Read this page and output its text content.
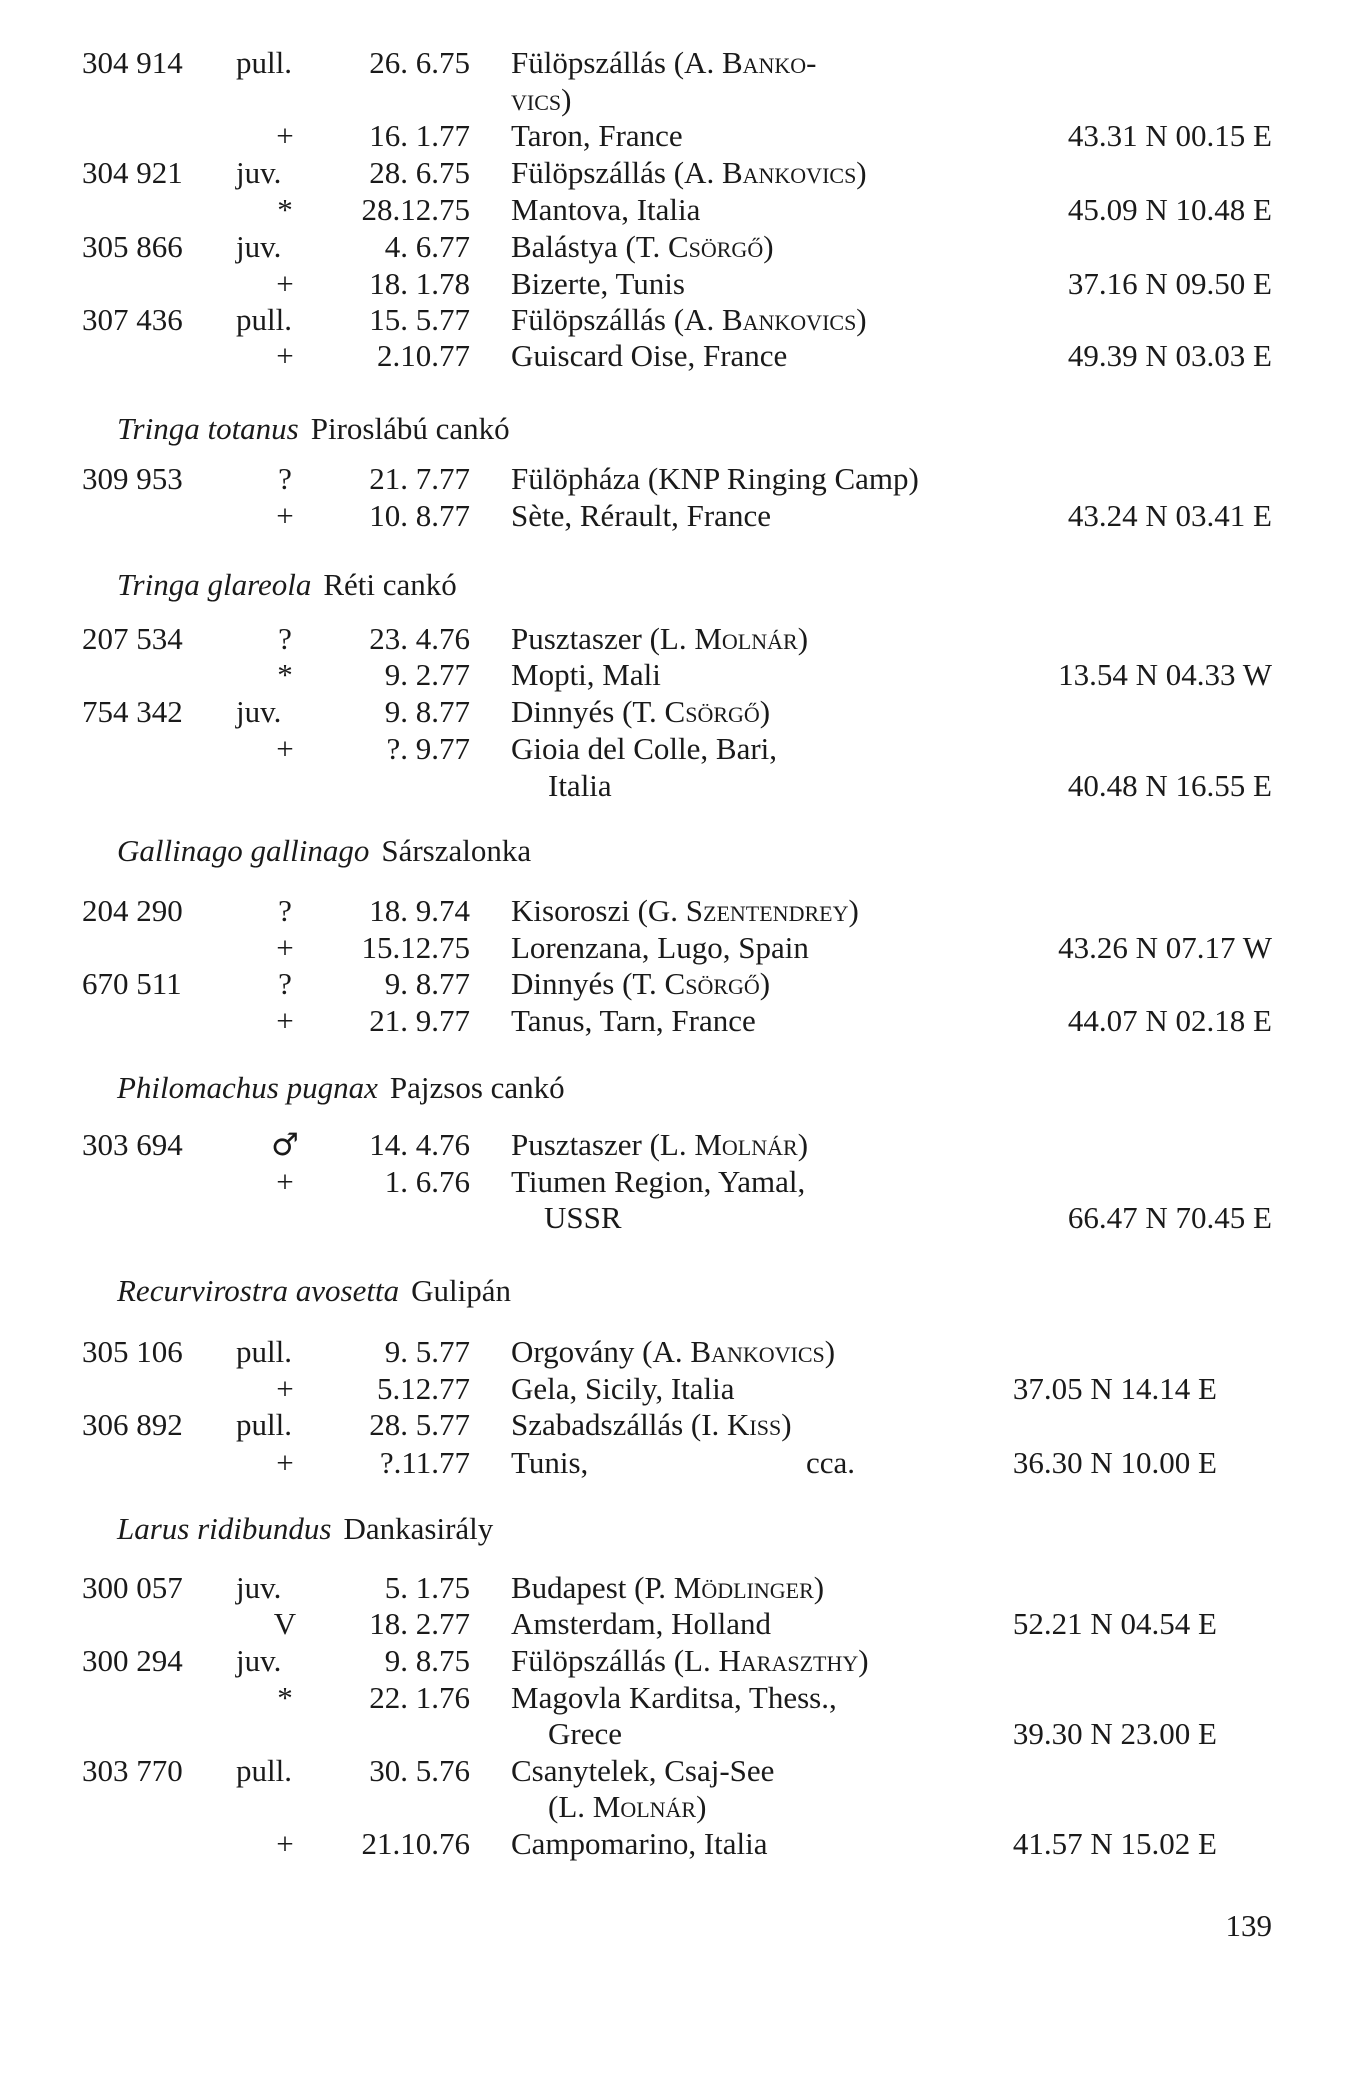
304 914 pull.	26. 6.75 Fülöpszállás (A. Banko-
vics)
+	16. 1.77 Taron, France	43.31 N 00.15 E
304 921 juv.	28. 6.75 Fülöpszállás (A. Bankovics)
*	28.12.75 Mantova, Italia	45.09 N 10.48 E
305 866 juv.	4. 6.77 Balástya (T. Csörgő)
+	18. 1.78 Bizerte, Tunis	37.16 N 09.50 E
307 436 pull.	15. 5.77 Fülöpszállás (A. Bankovics)
+	2.10.77 Guiscard Oise, France	49.39 N 03.03 E
Tringa totanus Piroslábú cankó
309 953	?	21. 7.77 Fülöpháza (KNP Ringing Camp)
+	10. 8.77 Sète, Rérault, France	43.24 N 03.41 E
Tringa glareola Réti cankó
207 534	?	23. 4.76 Pusztaszer (L. Molnár)
*	9. 2.77 Mopti, Mali	13.54 N 04.33 W
754 342 juv.	9. 8.77 Dinnyés (T. Csörgő)
+	?. 9.77 Gioia del Colle, Bari,
Italia	40.48 N 16.55 E
Gallinago gallinago Sárszalonka
204 290	?	18. 9.74 Kisoroszi (G. Szentendrey)
+	15.12.75 Lorenzana, Lugo, Spain	43.26 N 07.17 W
670 511	?	9. 8.77 Dinnyés (T. Csörgő)
+	21. 9.77 Tanus, Tarn, France	44.07 N 02.18 E
Philomachus pugnax Pajzsos cankó
303 694	♂	14. 4.76 Pusztaszer (L. Molnár)
+	1. 6.76 Tiumen Region, Yamal,
USSR	66.47 N 70.45 E
Recurvirostra avosetta Gulipán
305 106 pull.	9. 5.77 Orgovány (A. Bankovics)
+	5.12.77 Gela, Sicily, Italia	37.05 N 14.14 E
306 892 pull.	28. 5.77 Szabadszállás (I. Kiss)
+	?.11.77 Tunis,	cca.	36.30 N 10.00 E
Larus ridibundus Dankasirály
300 057 juv.	5. 1.75 Budapest (P. Mödlinger)
V	18. 2.77 Amsterdam, Holland	52.21 N 04.54 E
300 294 juv.	9. 8.75 Fülöpszállás (L. Haraszthy)
*	22. 1.76 Magovla Karditsa, Thess.,
Grece	39.30 N 23.00 E
303 770 pull.	30. 5.76 Csanytelek, Csaj-See
(L. Molnár)
+	21.10.76 Campomarino, Italia	41.57 N 15.02 E
139
